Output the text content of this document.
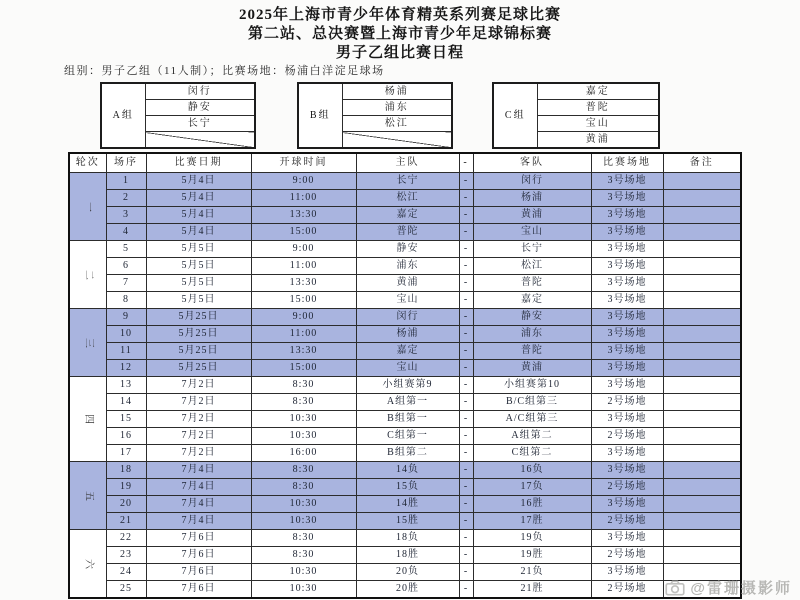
2025年上海市青少年体育精英系列赛足球比赛
第二站、总决赛暨上海市青少年足球锦标赛
男子乙组比赛日程
组别：男子乙组（11人制）；比赛场地：杨浦白洋淀足球场
A组	闵行
静安
长宁

B组	杨浦
浦东
松江

C组	嘉定
普陀
宝山
黄浦
轮次	场序	比赛日期	开球时间	主队	-	客队	比赛场地	备注
一	1	5月4日	9:00	长宁	-	闵行	3号场地	
	2	5月4日	11:00	松江	-	杨浦	3号场地	
	3	5月4日	13:30	嘉定	-	黄浦	3号场地	
	4	5月4日	15:00	普陀	-	宝山	3号场地	
二	5	5月5日	9:00	静安	-	长宁	3号场地	
	6	5月5日	11:00	浦东	-	松江	3号场地	
	7	5月5日	13:30	黄浦	-	普陀	3号场地	
	8	5月5日	15:00	宝山	-	嘉定	3号场地	
三	9	5月25日	9:00	闵行	-	静安	3号场地	
	10	5月25日	11:00	杨浦	-	浦东	3号场地	
	11	5月25日	13:30	嘉定	-	普陀	3号场地	
	12	5月25日	15:00	宝山	-	黄浦	3号场地	
四	13	7月2日	8:30	小组赛第9	-	小组赛第10	3号场地	
	14	7月2日	8:30	A组第一	-	B/C组第三	2号场地	
	15	7月2日	10:30	B组第一	-	A/C组第三	3号场地	
	16	7月2日	10:30	C组第一	-	A组第二	2号场地	
	17	7月2日	16:00	B组第二	-	C组第二	3号场地	
五	18	7月4日	8:30	14负	-	16负	3号场地	
	19	7月4日	8:30	15负	-	17负	2号场地	
	20	7月4日	10:30	14胜	-	16胜	3号场地	
	21	7月4日	10:30	15胜	-	17胜	2号场地	
六	22	7月6日	8:30	18负	-	19负	3号场地	
	23	7月6日	8:30	18胜	-	19胜	2号场地	
	24	7月6日	10:30	20负	-	21负	3号场地	
	25	7月6日	10:30	20胜	-	21胜	2号场地		@雷珊摄影师
